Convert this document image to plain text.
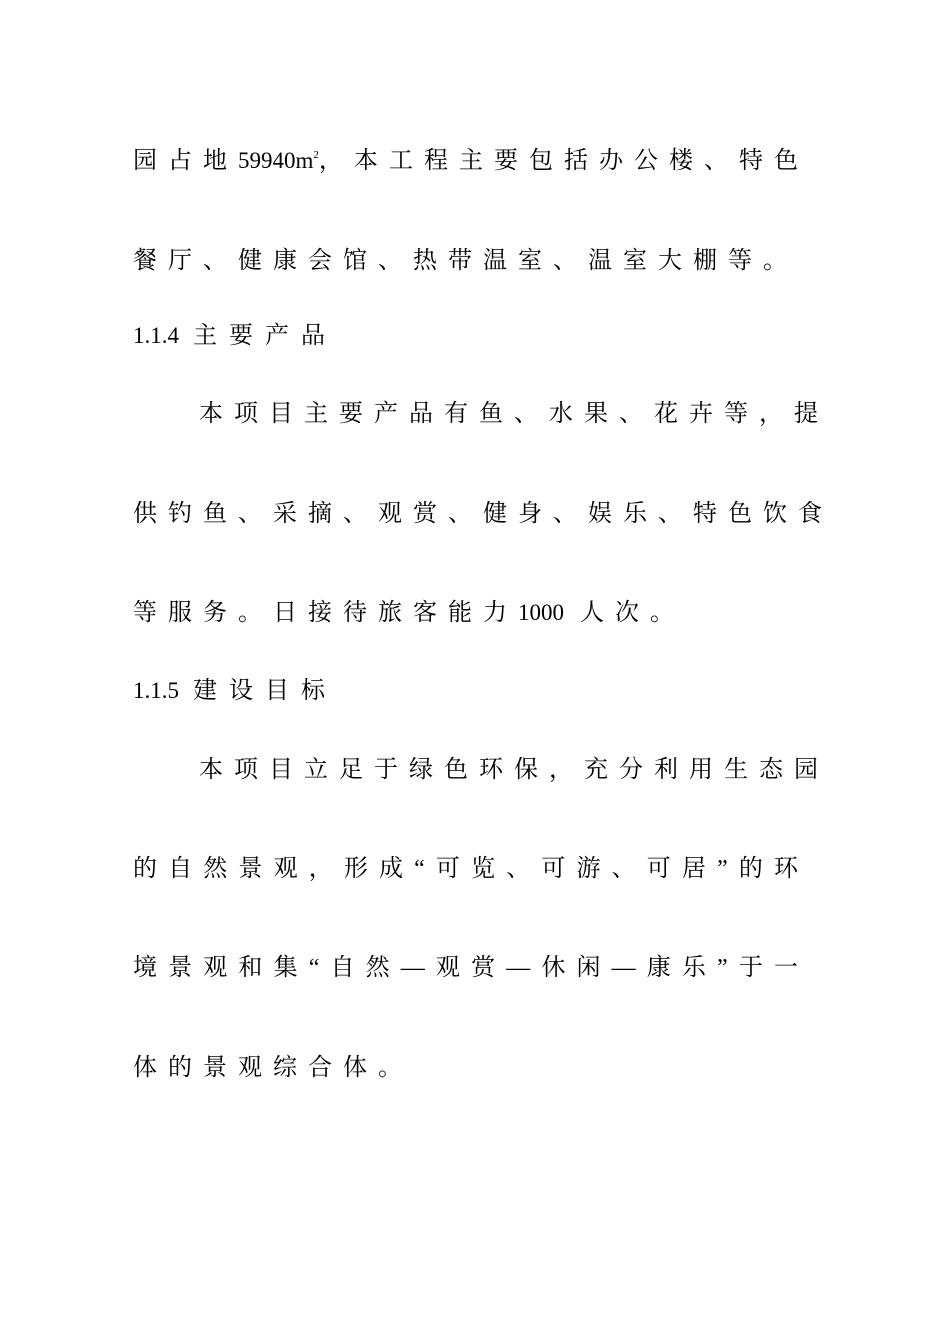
园占地$59940m^2$，本工程主要包括办公楼、特色
餐厅、健康会馆、热带温室、温室大棚等。
1.1.4 主要产品
本项目主要产品有鱼、水果、花卉等，提
供钓鱼、采摘、观赏、健身、娱乐、特色饮食
等服务。日接待旅客能力1000 人次。
1.1.5 建设目标
本项目立足于绿色环保，充分利用生态园
的自然景观，形成“可览、可游、可居”的环
境景观和集“自然—观赏—休闲—康乐”于一
体的景观综合体。
